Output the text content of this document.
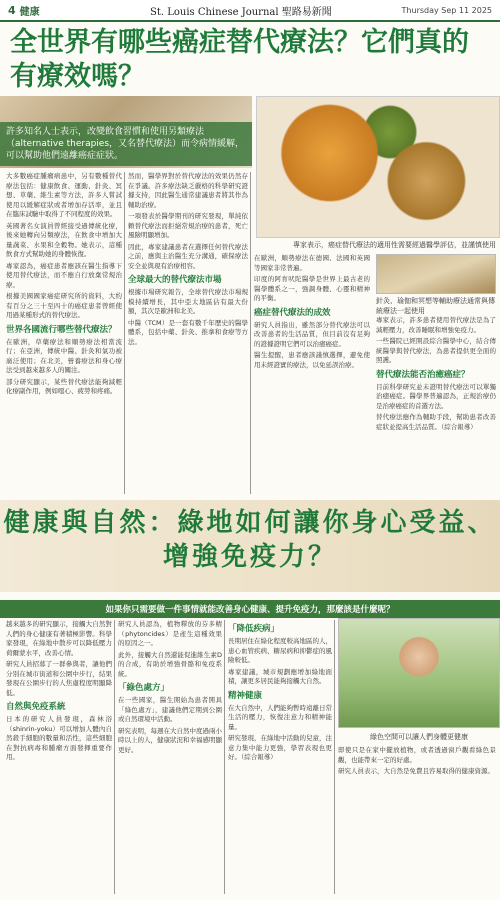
4 健康	St. Louis Chinese Journal 聖路易新聞	Thursday Sep 11 2025
全世界有哪些癌症替代療法？它們真的有療效嗎？
許多知名人士表示，改變飲食習慣和使用另類療法（alternative therapies，又名替代療法）而令病情緩解，可以幫助他們遠離癌症症狀。
專家表示，癌症替代療法的適用性需要經過醫學評估，並謹慎使用

大多數癌症腫瘤病患中，另有數種替代療法包括：健康飲食、運動、針灸、冥想、草藥、維生素等方法，許多人嘗試使用以緩解症狀或者增加存活率，並且在臨床試驗中取得了不同程度的效果。

英國著名女演員曾經接受過傳統化療，後來她轉向另類療法，在飲食中增加大量蔬菜、水果和全穀物。她表示，這種飲食方式幫助她的身體恢復。

專家認為，癌症患者應該在醫生指導下使用替代療法，而不應自行放棄常規治療。

根據美國國家癌症研究所的資料，大約有百分之三十至四十的癌症患者曾經使用過某種形式的替代療法。

世界各國流行哪些替代療法？

在歐洲，草藥療法和順勢療法相當流行；在亞洲，傳統中醫、針灸和氣功被廣泛使用；在北美，營養療法和身心療法受到越來越多人的關注。

部分研究顯示，某些替代療法能夠減輕化療副作用，例如噁心、疲勞和疼痛。

然而，醫學界對於替代療法的效果仍然存在爭議。許多療法缺乏嚴格的科學研究證據支持，因此醫生通常建議患者將其作為輔助治療。

一項發表於醫學期刊的研究發現，單純依賴替代療法而拒絕常規治療的患者，死亡風險明顯增加。

因此，專家建議患者在選擇任何替代療法之前，應與主治醫生充分溝通，確保療法安全並與現有治療相容。

全球最大的替代療法市場

根據市場研究報告，全球替代療法市場規模持續增長，其中亞太地區佔有最大份額，其次是歐洲和北美。

中醫（TCM）是一套有數千年歷史的醫學體系，包括中藥、針灸、推拿和食療等方法。

在歐洲，順勢療法在德國、法國和英國等國家非常普遍。

印度的阿育吠陀醫學是世界上最古老的醫學體系之一，強調身體、心靈和精神的平衡。

癌症替代療法的成效

研究人員指出，雖然部分替代療法可以改善患者的生活品質，但目前沒有足夠的證據證明它們可以治癒癌症。

醫生提醒，患者應該謹慎選擇，避免使用未經證實的療法，以免延誤治療。

針灸、瑜伽和冥想等輔助療法通常與傳統療法一起使用

專家表示，許多患者使用替代療法是為了減輕壓力，改善睡眠和增強免疫力。

一些醫院已經開設綜合醫學中心，結合傳統醫學與替代療法，為患者提供更全面的照護。

替代療法能否治癒癌症？

目前科學研究並未證明替代療法可以單獨治癒癌症。醫學界普遍認為，正規治療仍是治療癌症的首選方法。

替代療法應作為輔助手段，幫助患者改善症狀並提高生活品質。（綜合報導）

健康與自然：綠地如何讓你身心受益、增強免疫力？
如果你只需要做一件事情就能改善身心健康、提升免疫力，那麼該是什麼呢？

越來越多的研究顯示，接觸大自然對人們的身心健康有著積極影響。科學家發現，在綠地中散步可以降低壓力荷爾蒙水平，改善心情。

研究人員招募了一群參與者，讓他們分別在城市街道和公園中步行，結果發現在公園步行的人焦慮程度明顯降低。

自然與免疫系統

日本的研究人員發現，森林浴（shinrin-yoku）可以增加人體內自然殺手細胞的數量和活性，這些細胞在對抗病毒和腫瘤方面發揮重要作用。

研究人員認為，植物釋放的芬多精（phytoncides）是產生這種效果的原因之一。

此外，接觸大自然還能促進維生素D的合成，有助於增強骨骼和免疫系統。

「綠色處方」

在一些國家，醫生開始為患者開具「綠色處方」，建議他們定期到公園或自然環境中活動。

研究表明，每週在大自然中度過兩小時以上的人，健康狀況和幸福感明顯更好。

「降低疾病」

長期居住在綠化程度較高地區的人，患心血管疾病、糖尿病和抑鬱症的風險較低。

專家建議，城市規劃應增加綠地面積，讓更多居民能夠接觸大自然。

精神健康

在大自然中，人們能夠暫時遠離日常生活的壓力，恢復注意力和精神能量。

研究發現，在綠地中活動的兒童，注意力集中能力更強，學習表現也更好。（綜合報導）

綠色空間可以讓人們身體更健康

即使只是在家中擺放植物，或者透過窗戶觀看綠色景觀，也能帶來一定的好處。

研究人員表示，大自然是免費且容易取得的健康資源。
